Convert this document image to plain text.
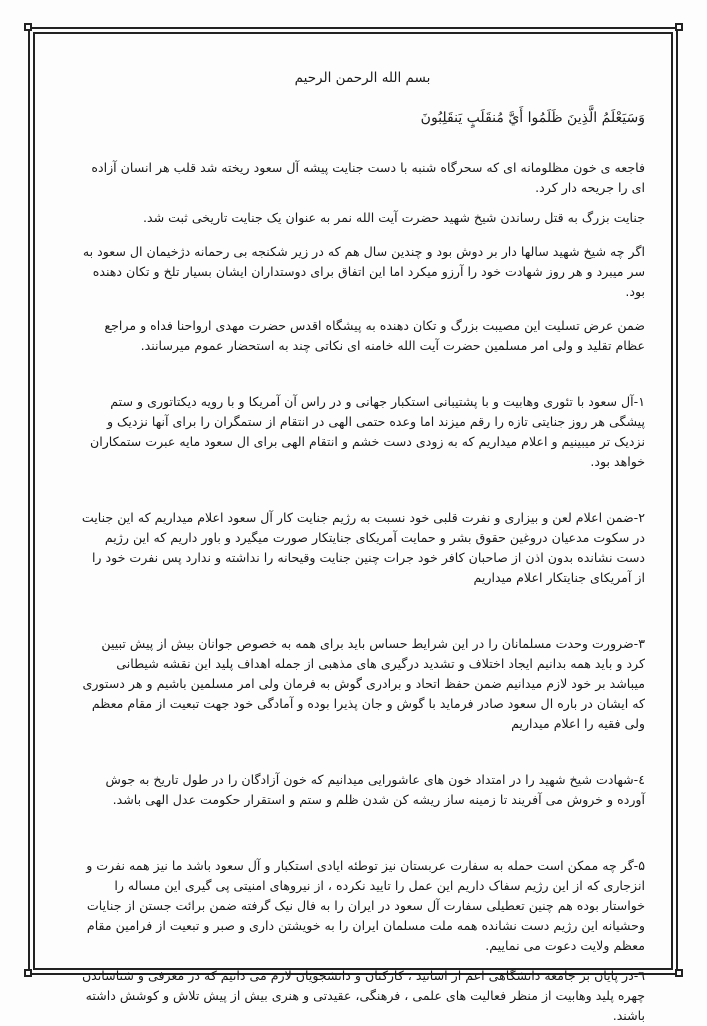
بسم الله الرحمن الرحيم
وَسَيَعْلَمُ الَّذِينَ ظَلَمُوا أَيَّ مُنقَلَبٍ يَنقَلِبُونَ

فاجعه ی خون مظلومانه ای که سحرگاه شنبه با دست جنایت پیشه آل سعود ریخته شد قلب هر انسان آزاده ای را جریحه دار کرد.

جنایت بزرگ به قتل رساندن شیخ شهید حضرت آیت الله نمر به عنوان یک جنایت تاریخی ثبت شد.

اگر چه شیخ شهید سالها دار بر دوش بود و چندین سال هم که در زیر شکنجه بی رحمانه دژخیمان ال سعود به سر میبرد و هر روز شهادت خود را آرزو میکرد اما این اتفاق برای دوستداران ایشان بسیار تلخ و تکان دهنده بود.

ضمن عرض تسلیت این مصیبت بزرگ و تکان دهنده به پیشگاه اقدس حضرت مهدی ارواحنا فداه و مراجع عظام تقلید و ولی امر مسلمین حضرت آیت الله خامنه ای نکاتی چند به استحضار عموم میرسانند.

۱-آل سعود با تئوری وهابیت و با پشتیبانی استکبار جهانی و در راس آن آمریکا و با رویه دیکتاتوری و ستم پیشگی هر روز جنایتی تازه را رقم میزند اما وعده حتمی الهی در انتقام از ستمگران را برای آنها نزدیک و نزدیک تر میبینیم و اعلام میداریم که به زودی دست خشم و انتقام الهی برای ال سعود مایه عبرت ستمکاران خواهد بود.

۲-ضمن اعلام لعن و بیزاری و نفرت قلبی خود نسبت به رژیم جنایت کار آل سعود اعلام میداریم که این جنایت در سکوت مدعیان دروغین حقوق بشر و حمایت آمریکای جنایتکار صورت میگیرد و باور داریم که این رژیم دست نشانده بدون اذن از صاحبان کافر خود جرات چنین جنایت وقیحانه را نداشته و ندارد پس نفرت خود را از آمریکای جنایتکار اعلام میداریم

۳-ضرورت وحدت مسلمانان را در این شرایط حساس باید برای همه به خصوص جوانان بیش از پیش تبیین کرد و باید همه بدانیم ایجاد اختلاف و تشدید درگیری های مذهبی از جمله اهداف پلید این نقشه شیطانی میباشد بر خود لازم میدانیم ضمن حفظ اتحاد و برادری گوش به فرمان ولی امر مسلمین باشیم و هر دستوری که ایشان در باره ال سعود صادر فرماید با گوش و جان پذیرا بوده و آمادگی خود جهت تبعیت از مقام معظم ولی فقیه را اعلام میداریم

٤-شهادت شیخ شهید را در امتداد خون های عاشورایی میدانیم که خون آزادگان را در طول تاریخ به جوش آورده و خروش می آفریند تا زمینه ساز ریشه کن شدن ظلم و ستم و استقرار حکومت عدل الهی باشد.

۵-گر چه ممکن است حمله به سفارت عربستان نیز توطئه ایادی استکبار و آل سعود باشد ما نیز همه نفرت و انزجاری که از این رژیم سفاک داریم این عمل را تایید نکرده ، از نیروهای امنیتی پی گیری این مساله را خواستار بوده هم چنین تعطیلی سفارت آل سعود در ایران را به فال نیک گرفته ضمن برائت جستن از جنایات وحشیانه این رژیم دست نشانده همه ملت مسلمان ایران را به خویشتن داری و صبر و تبعیت از فرامین مقام معظم ولایت دعوت می نماییم.

٦-در پایان بر جامعه دانشگاهی اعم از اساتید ، کارکنان و دانشجویان لازم می دانیم که در معرفی و شناساندن چهره پلید وهابیت از منظر فعالیت های علمی ، فرهنگی، عقیدتی و هنری بیش از پیش تلاش و کوشش داشته باشند.
